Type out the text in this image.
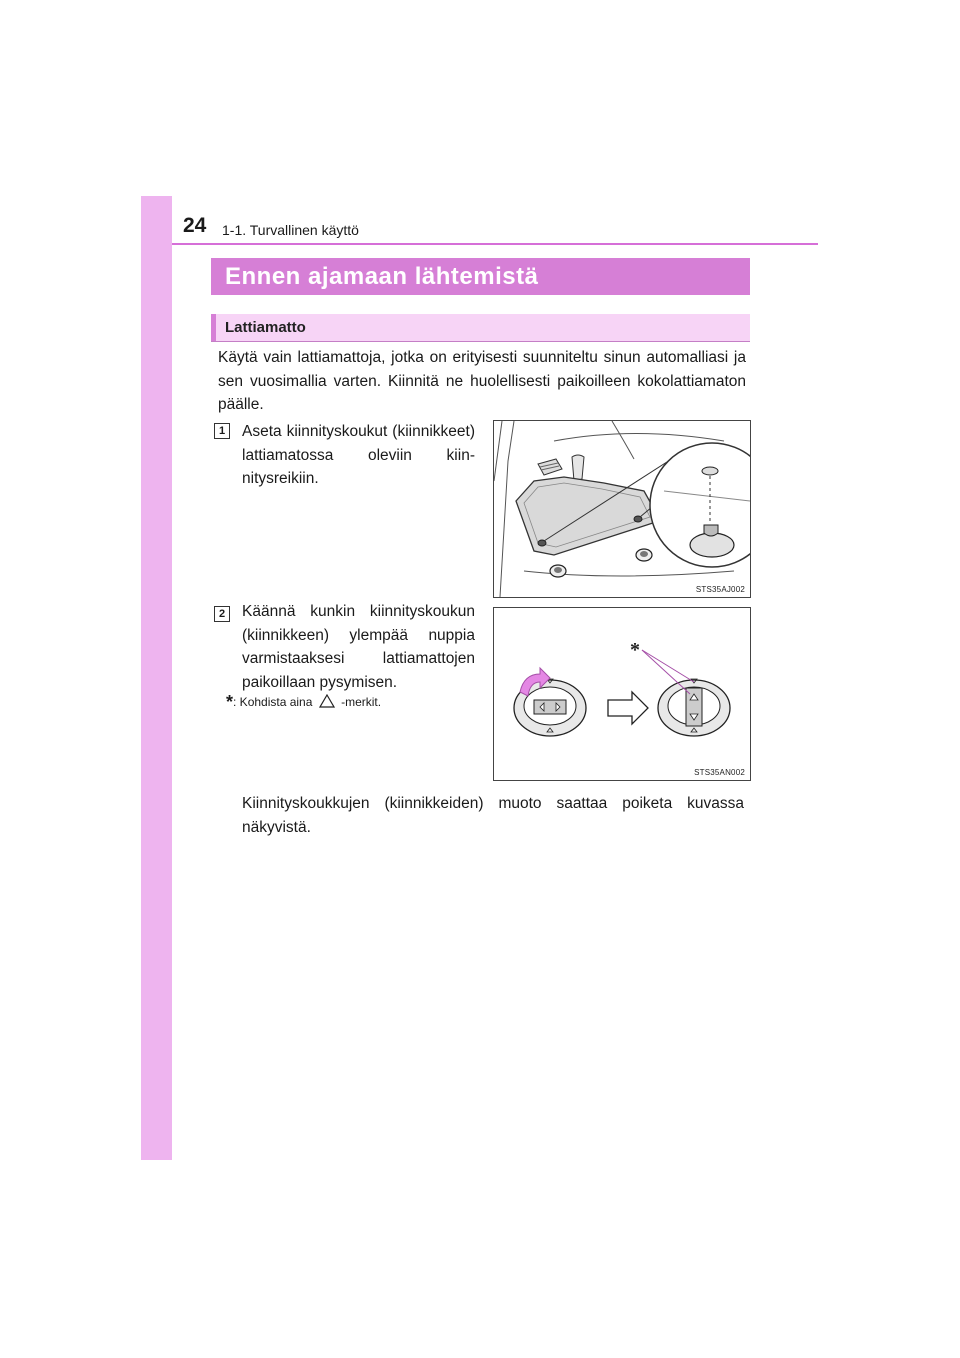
24 1-1. Turvallinen käyttö
Ennen ajamaan lähtemistä
Lattiamatto
Käytä vain lattiamattoja, jotka on erityisesti suunniteltu sinun automalliasi ja sen vuosimallia varten. Kiinnitä ne huolellisesti paikoilleen kokolattiamaton päälle.
1	Aseta kiinnityskoukut (kiinnikkeet) lattiamatossa oleviin kiinnitysreikiin.
2	Käännä kunkin kiinnityskoukun (kiinnikkeen) ylempää nuppia varmistaaksesi lattiamattojen paikoillaan pysymisen.
*: Kohdista aina -merkit.
Kiinnityskoukkujen (kiinnikkeiden) muoto saattaa poiketa kuvassa näkyvistä.
STS35AJ002
*
STS35AN002
